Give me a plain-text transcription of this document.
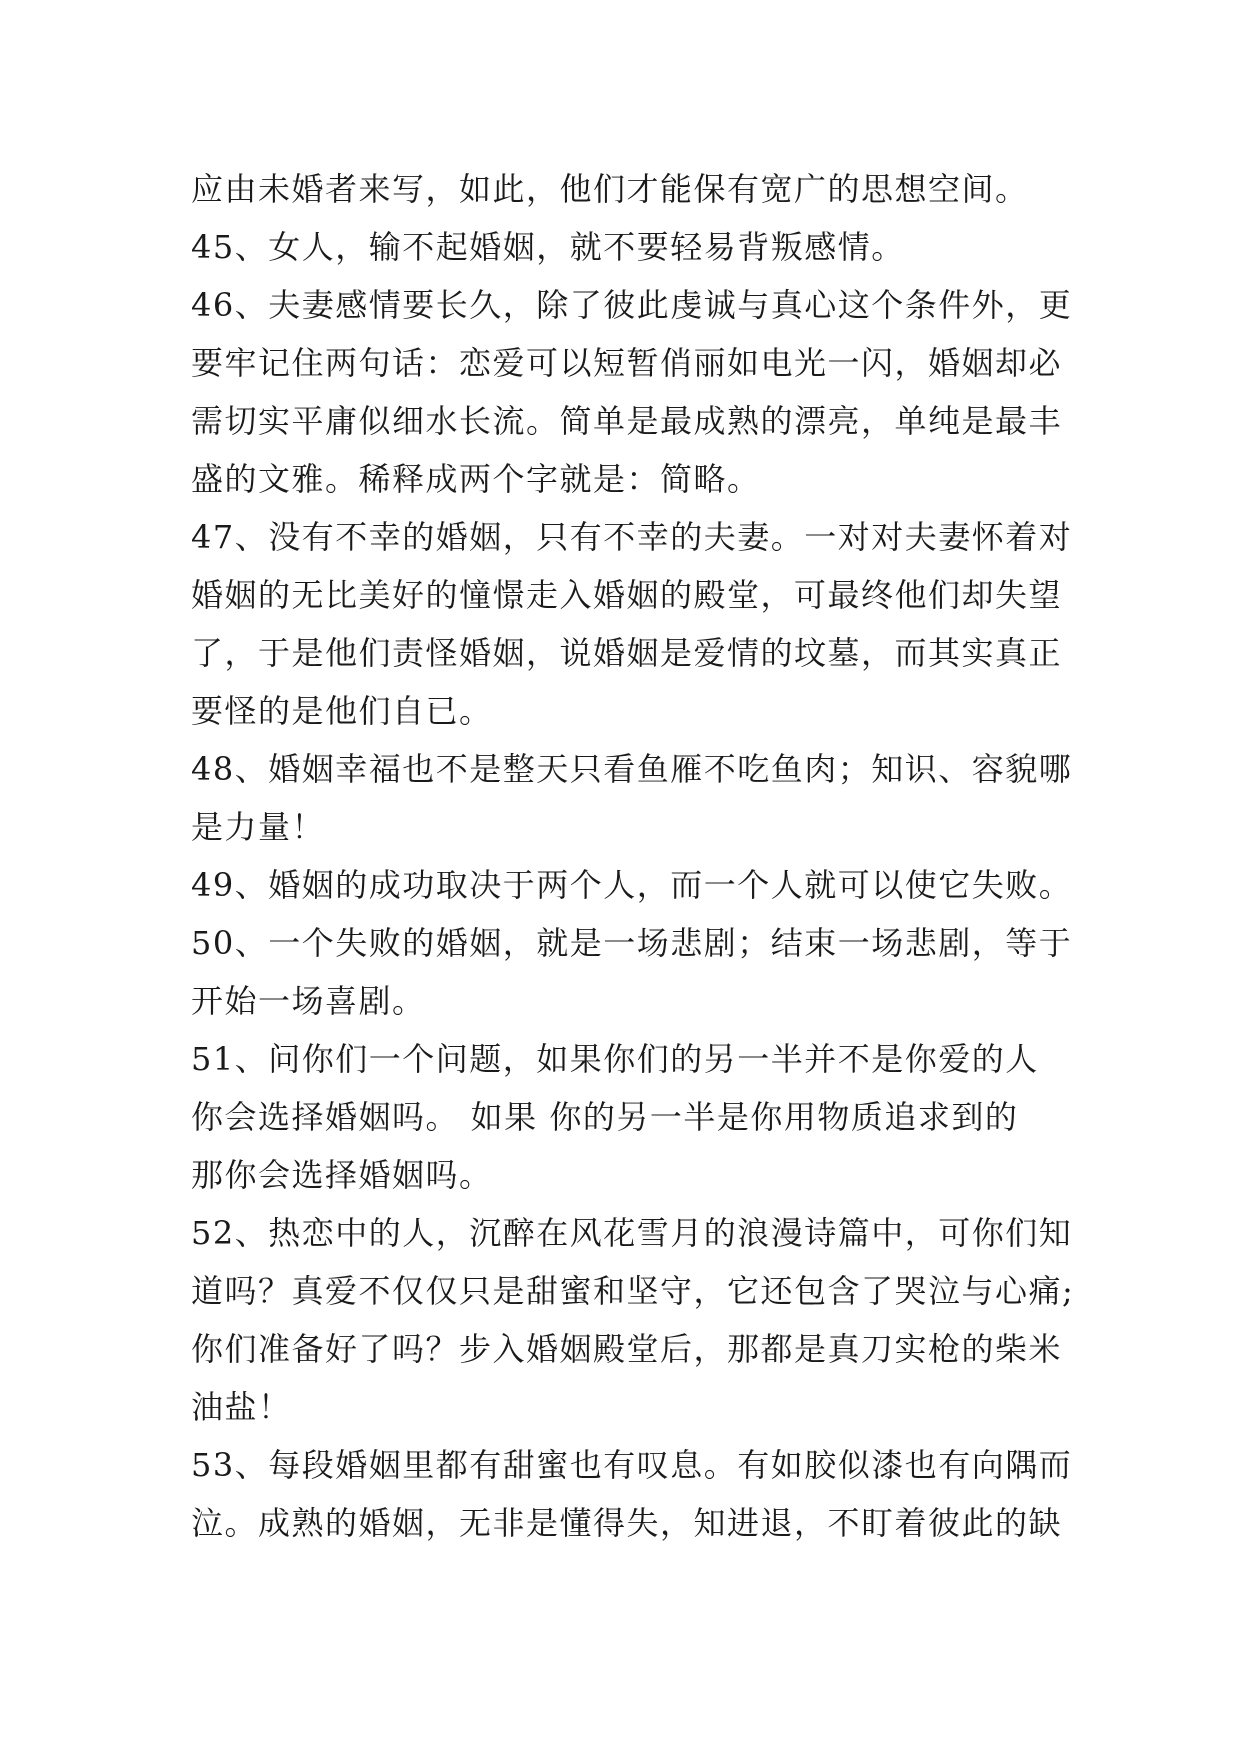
应由未婚者来写，如此，他们才能保有宽广的思想空间。
45、女人，输不起婚姻，就不要轻易背叛感情。
46、夫妻感情要长久，除了彼此虔诚与真心这个条件外，更
要牢记住两句话：恋爱可以短暂俏丽如电光一闪，婚姻却必
需切实平庸似细水长流。简单是最成熟的漂亮，单纯是最丰
盛的文雅。稀释成两个字就是：简略。
47、没有不幸的婚姻，只有不幸的夫妻。一对对夫妻怀着对
婚姻的无比美好的憧憬走入婚姻的殿堂，可最终他们却失望
了，于是他们责怪婚姻，说婚姻是爱情的坟墓，而其实真正
要怪的是他们自已。
48、婚姻幸福也不是整天只看鱼雁不吃鱼肉；知识、容貌哪
是力量！
49、婚姻的成功取决于两个人，而一个人就可以使它失败。
50、一个失败的婚姻，就是一场悲剧；结束一场悲剧，等于
开始一场喜剧。
51、问你们一个问题，如果你们的另一半并不是你爱的人
你会选择婚姻吗。 如果 你的另一半是你用物质追求到的
那你会选择婚姻吗。
52、热恋中的人，沉醉在风花雪月的浪漫诗篇中，可你们知
道吗？真爱不仅仅只是甜蜜和坚守，它还包含了哭泣与心痛;
你们准备好了吗？步入婚姻殿堂后，那都是真刀实枪的柴米
油盐！
53、每段婚姻里都有甜蜜也有叹息。有如胶似漆也有向隅而
泣。成熟的婚姻，无非是懂得失，知进退，不盯着彼此的缺
